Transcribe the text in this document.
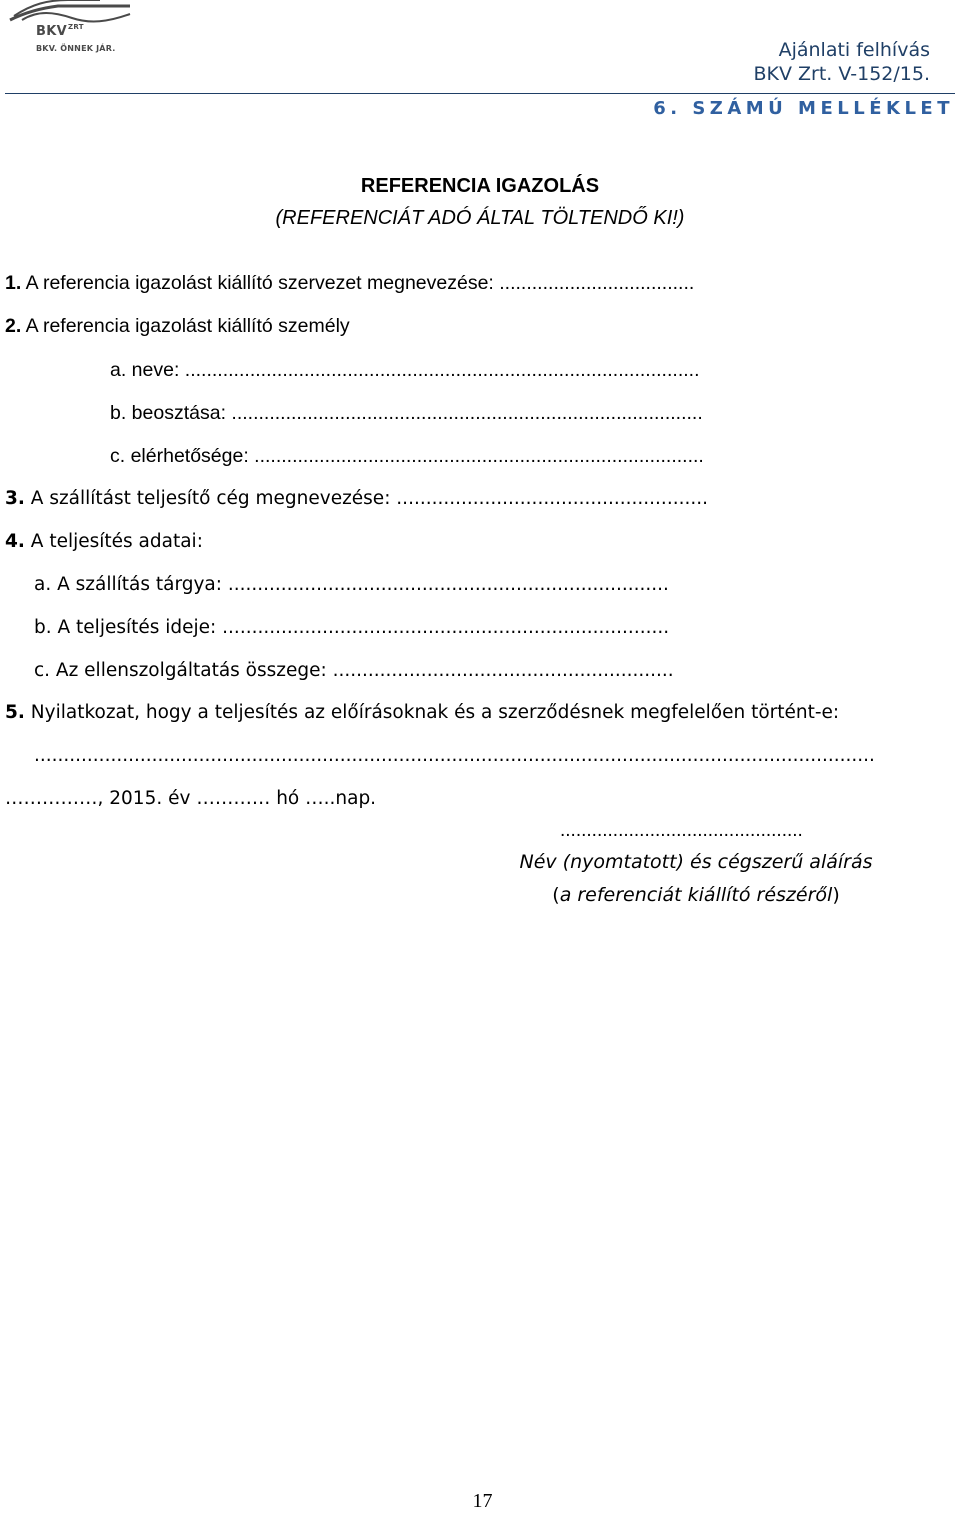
$BKV^{ZRT}$
BKV. ÖNNEK JÁR.	Ajánlati felhívás
BKV Zrt. V-152/15.
6. SZÁMÚ MELLÉKLET
REFERENCIA IGAZOLÁS
(REFERENCIÁT ADÓ ÁLTAL TÖLTENDŐ KI!)
1. A referencia igazolást kiállító szervezet megnevezése: ....................................
2. A referencia igazolást kiállító személy
a. neve: ...............................................................................................
b. beosztása: .......................................................................................
c. elérhetősége: ...................................................................................
3. A szállítást teljesítő cég megnevezése: .....................................................
4. A teljesítés adatai:
a. A szállítás tárgya: ...........................................................................
b. A teljesítés ideje: ............................................................................
c. Az ellenszolgáltatás összege: ..........................................................
5. Nyilatkozat, hogy a teljesítés az előírásoknak és a szerződésnek megfelelően történt-e:
...............................................................................................................................................
……………, 2015. év ………… hó …..nap.
..............................................
Név (nyomtatott) és cégszerű aláírás
(a referenciát kiállító részéről)
17
